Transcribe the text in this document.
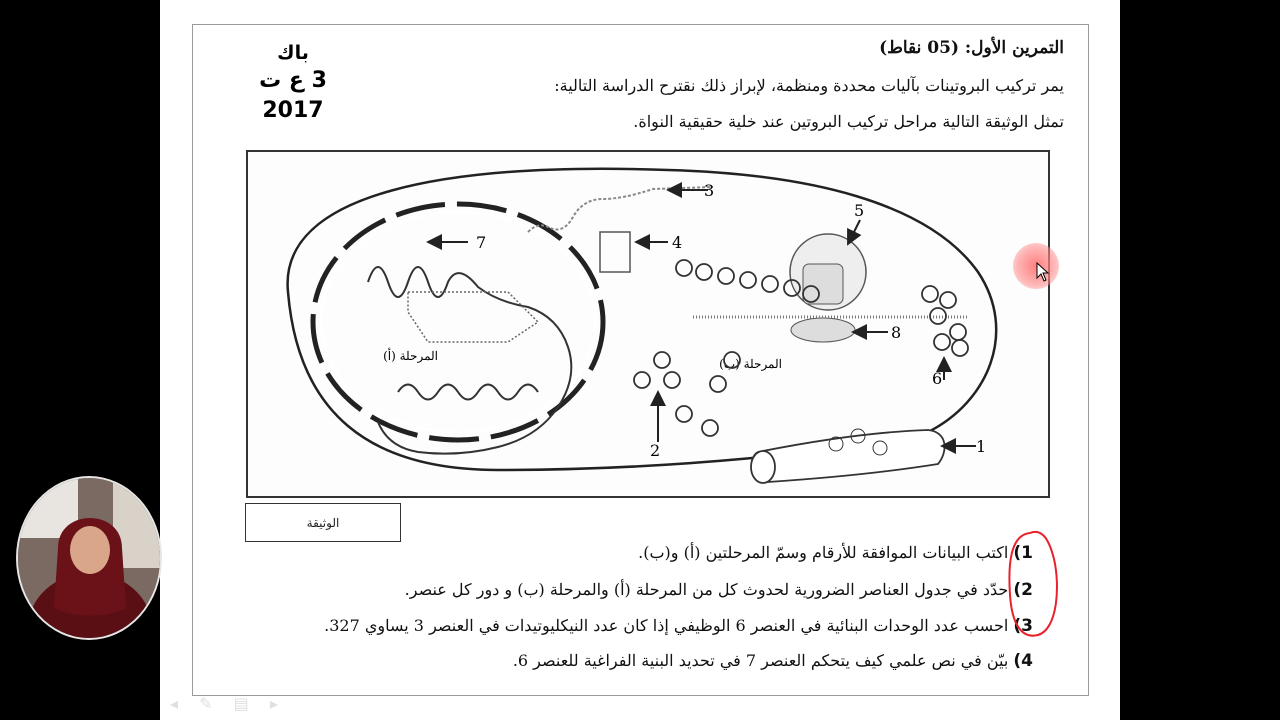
باك
3 ع ت 2017
التمرين الأول: (05 نقاط)
يمر تركيب البروتينات بآليات محددة ومنظمة، لإبراز ذلك نقترح الدراسة التالية:
تمثل الوثيقة التالية مراحل تركيب البروتين عند خلية حقيقية النواة.
المرحلة (أ)
7
3
4
5
8
المرحلة (ب)
6
2	1
الوثيقة
1) اكتب البيانات الموافقة للأرقام وسمّ المرحلتين (أ) و(ب).
2) حدّد في جدول العناصر الضرورية لحدوث كل من المرحلة (أ) والمرحلة (ب) و دور كل عنصر.
3) احسب عدد الوحدات البنائية في العنصر 6 الوظيفي إذا كان عدد النيكليوتيدات في العنصر 3 يساوي 327.
4) بيّن في نص علمي كيف يتحكم العنصر 7 في تحديد البنية الفراغية للعنصر 6.
◂ ✎ ▤ ▸
